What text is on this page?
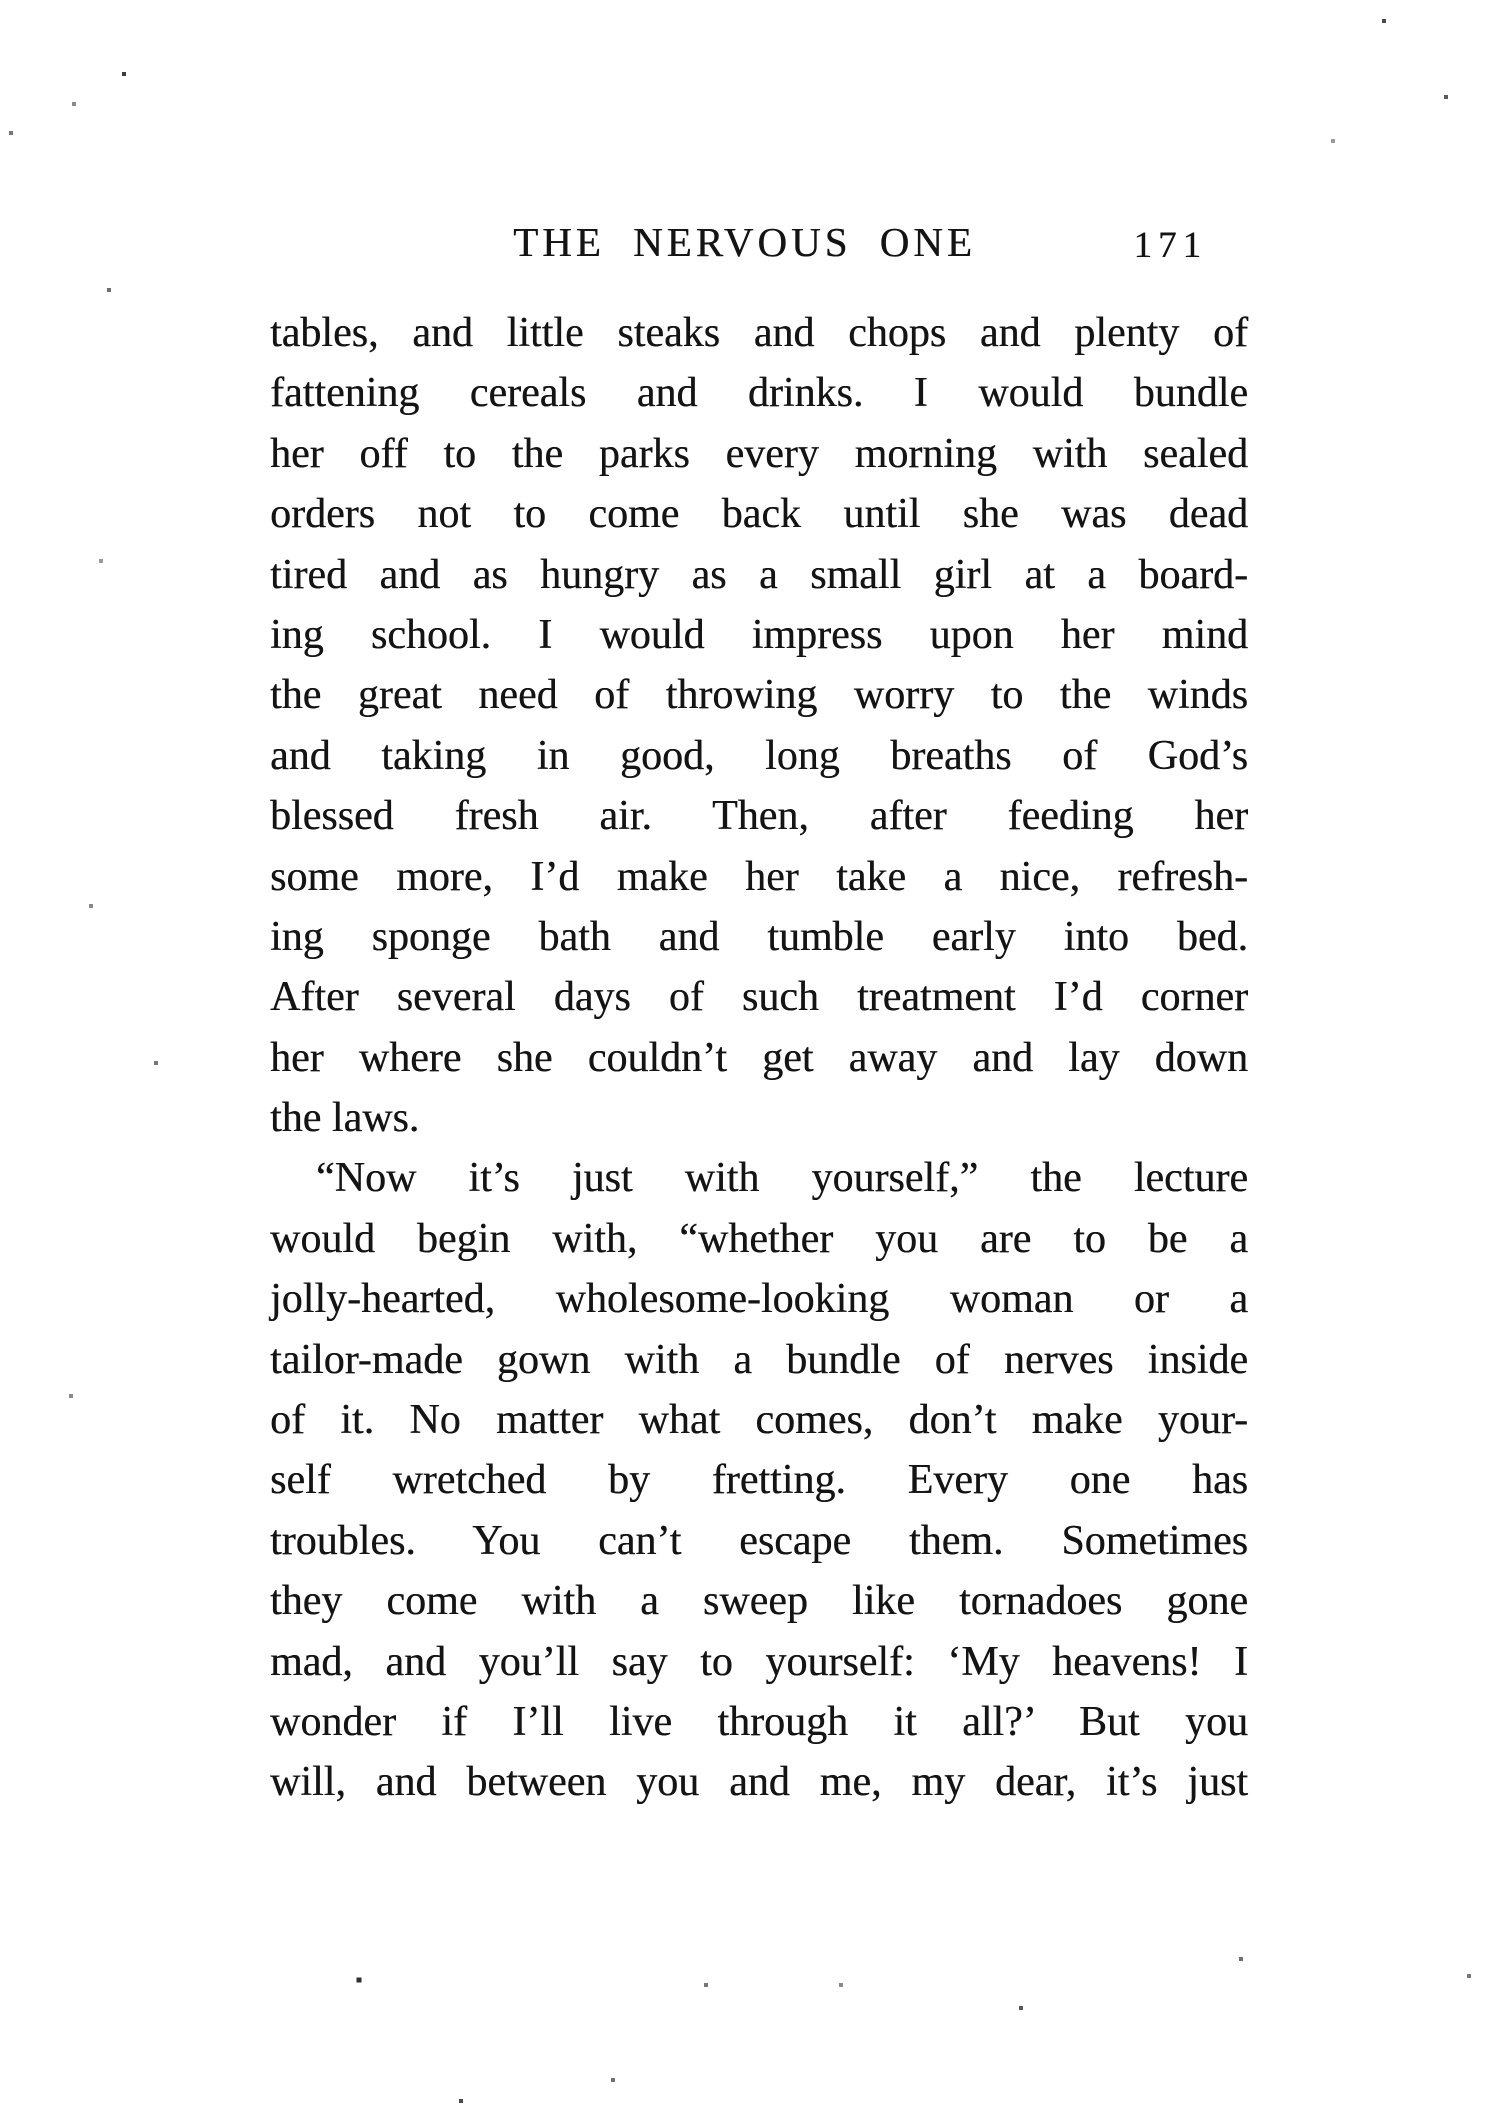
THE NERVOUS ONE	171
tables, and little steaks and chops and plenty of
fattening cereals and drinks. I would bundle
her off to the parks every morning with sealed
orders not to come back until she was dead
tired and as hungry as a small girl at a board-
ing school. I would impress upon her mind
the great need of throwing worry to the winds
and taking in good, long breaths of God’s
blessed fresh air. Then, after feeding her
some more, I’d make her take a nice, refresh-
ing sponge bath and tumble early into bed.
After several days of such treatment I’d corner
her where she couldn’t get away and lay down
the laws.
“Now it’s just with yourself,” the lecture
would begin with, “whether you are to be a
jolly-hearted, wholesome-looking woman or a
tailor-made gown with a bundle of nerves inside
of it. No matter what comes, don’t make your-
self wretched by fretting. Every one has
troubles. You can’t escape them. Sometimes
they come with a sweep like tornadoes gone
mad, and you’ll say to yourself: ‘My heavens! I
wonder if I’ll live through it all?’ But you
will, and between you and me, my dear, it’s just
